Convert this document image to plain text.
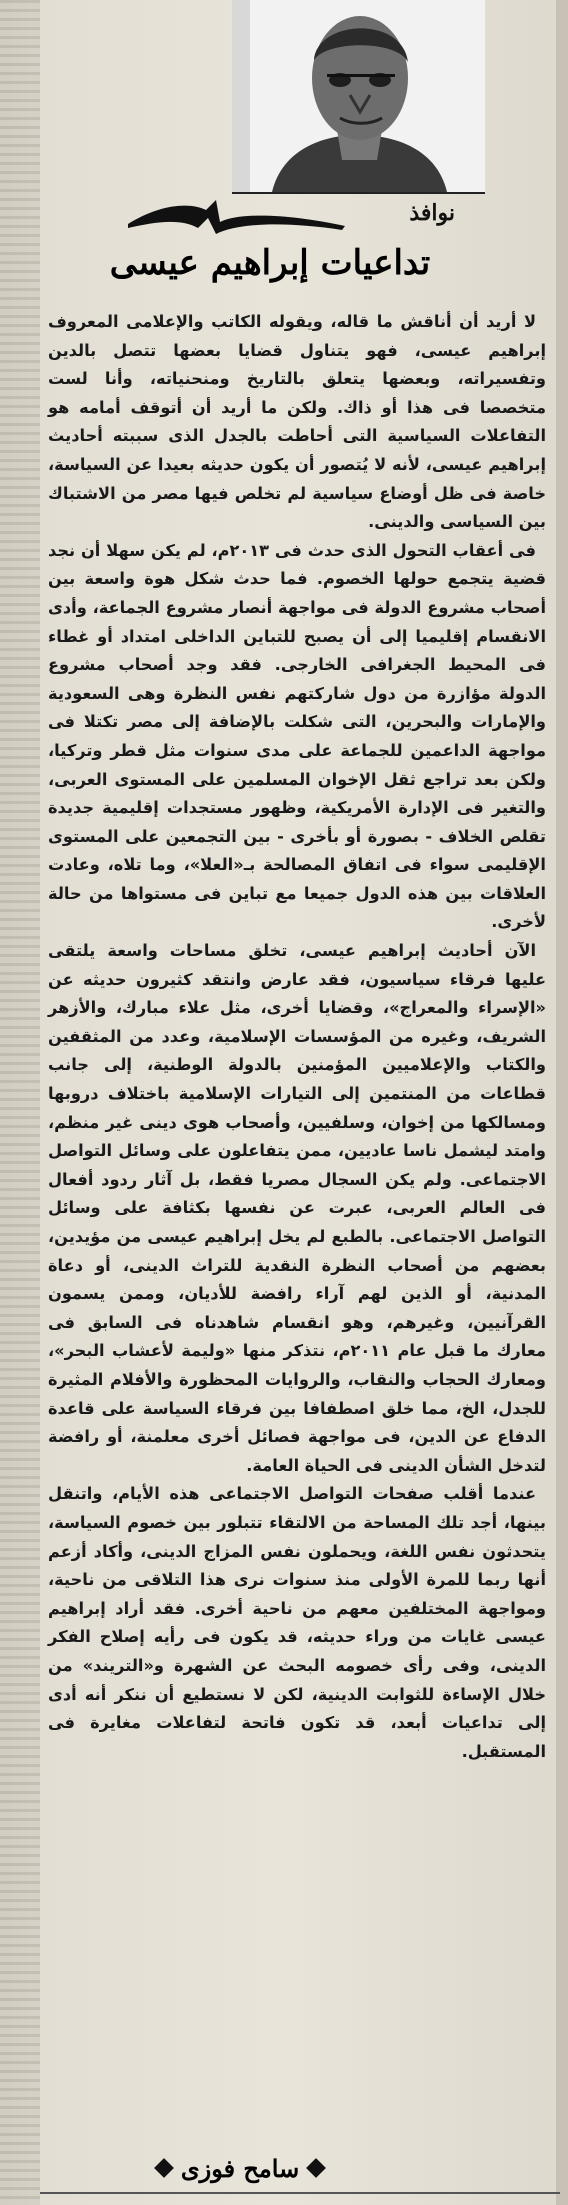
نوافذ
تداعيات إبراهيم عيسى

لا أريد أن أناقش ما قاله، ويقوله الكاتب والإعلامى المعروف إبراهيم عيسى، فهو يتناول قضايا بعضها تتصل بالدين وتفسيراته، وبعضها يتعلق بالتاريخ ومنحنياته، وأنا لست متخصصا فى هذا أو ذاك. ولكن ما أريد أن أتوقف أمامه هو التفاعلات السياسية التى أحاطت بالجدل الذى سببته أحاديث إبراهيم عيسى، لأنه لا يُتصور أن يكون حديثه بعيدا عن السياسة، خاصة فى ظل أوضاع سياسية لم تخلص فيها مصر من الاشتباك بين السياسى والدينى.

فى أعقاب التحول الذى حدث فى ٢٠١٣م، لم يكن سهلا أن نجد قضية يتجمع حولها الخصوم. فما حدث شكل هوة واسعة بين أصحاب مشروع الدولة فى مواجهة أنصار مشروع الجماعة، وأدى الانقسام إقليميا إلى أن يصبح للتباين الداخلى امتداد أو غطاء فى المحيط الجغرافى الخارجى. فقد وجد أصحاب مشروع الدولة مؤازرة من دول شاركتهم نفس النظرة وهى السعودية والإمارات والبحرين، التى شكلت بالإضافة إلى مصر تكتلا فى مواجهة الداعمين للجماعة على مدى سنوات مثل قطر وتركيا، ولكن بعد تراجع ثقل الإخوان المسلمين على المستوى العربى، والتغير فى الإدارة الأمريكية، وظهور مستجدات إقليمية جديدة تقلص الخلاف - بصورة أو بأخرى - بين التجمعين على المستوى الإقليمى سواء فى اتفاق المصالحة بـ«العلا»، وما تلاه، وعادت العلاقات بين هذه الدول جميعا مع تباين فى مستواها من حالة لأخرى.

الآن أحاديث إبراهيم عيسى، تخلق مساحات واسعة يلتقى عليها فرقاء سياسيون، فقد عارض وانتقد كثيرون حديثه عن «الإسراء والمعراج»، وقضايا أخرى، مثل علاء مبارك، والأزهر الشريف، وغيره من المؤسسات الإسلامية، وعدد من المثقفين والكتاب والإعلاميين المؤمنين بالدولة الوطنية، إلى جانب قطاعات من المنتمين إلى التيارات الإسلامية باختلاف دروبها ومسالكها من إخوان، وسلفيين، وأصحاب هوى دينى غير منظم، وامتد ليشمل ناسا عاديين، ممن يتفاعلون على وسائل التواصل الاجتماعى. ولم يكن السجال مصريا فقط، بل آثار ردود أفعال فى العالم العربى، عبرت عن نفسها بكثافة على وسائل التواصل الاجتماعى. بالطبع لم يخل إبراهيم عيسى من مؤيدين، بعضهم من أصحاب النظرة النقدية للتراث الدينى، أو دعاة المدنية، أو الذين لهم آراء رافضة للأديان، وممن يسمون القرآنيين، وغيرهم، وهو انقسام شاهدناه فى السابق فى معارك ما قبل عام ٢٠١١م، نتذكر منها «وليمة لأعشاب البحر»، ومعارك الحجاب والنقاب، والروايات المحظورة والأفلام المثيرة للجدل، الخ، مما خلق اصطفافا بين فرقاء السياسة على قاعدة الدفاع عن الدين، فى مواجهة فصائل أخرى معلمنة، أو رافضة لتدخل الشأن الدينى فى الحياة العامة.

عندما أقلب صفحات التواصل الاجتماعى هذه الأيام، واتنقل بينها، أجد تلك المساحة من الالتقاء تتبلور بين خصوم السياسة، يتحدثون نفس اللغة، ويحملون نفس المزاج الدينى، وأكاد أزعم أنها ربما للمرة الأولى منذ سنوات نرى هذا التلاقى من ناحية، ومواجهة المختلفين معهم من ناحية أخرى. فقد أراد إبراهيم عيسى غايات من وراء حديثه، قد يكون فى رأيه إصلاح الفكر الدينى، وفى رأى خصومه البحث عن الشهرة و«التريند» من خلال الإساءة للثوابت الدينية، لكن لا نستطيع أن ننكر أنه أدى إلى تداعيات أبعد، قد تكون فاتحة لتفاعلات مغايرة فى المستقبل.

سامح فوزى
